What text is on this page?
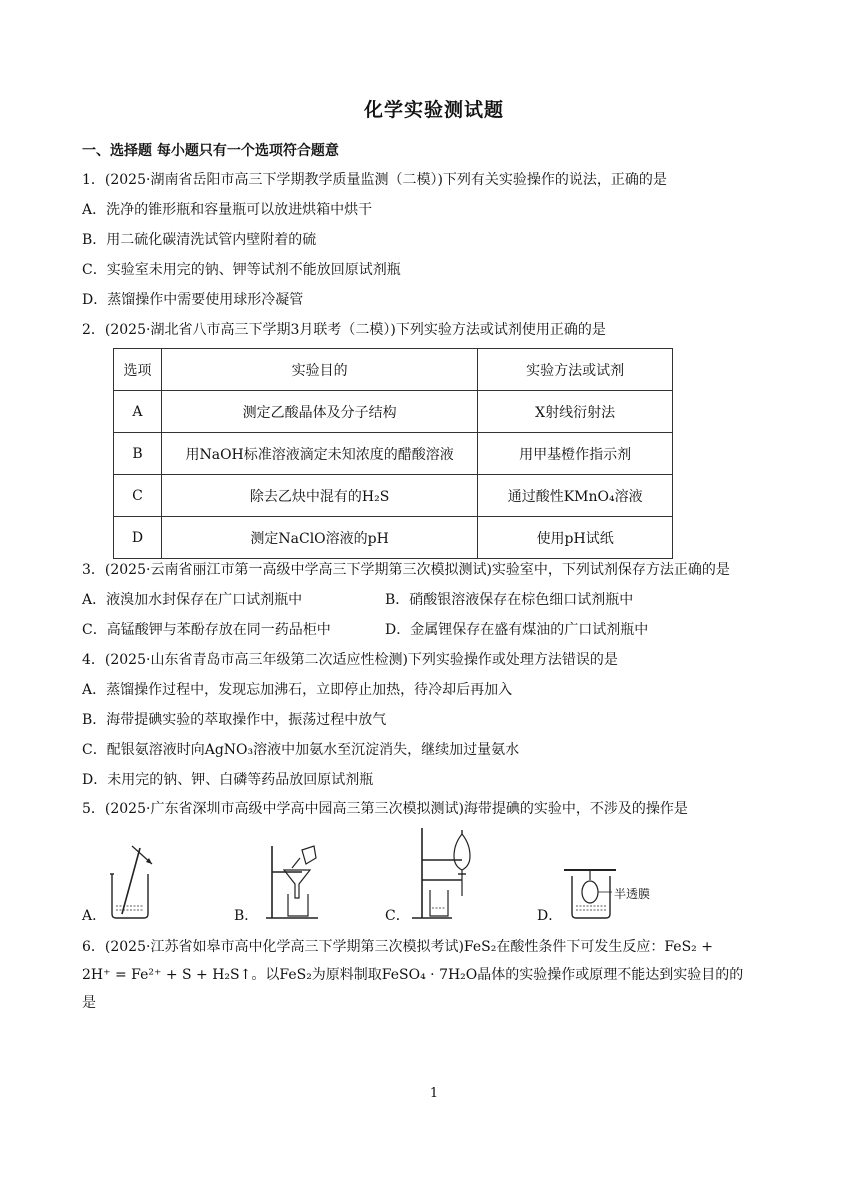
化学实验测试题
一、选择题 每小题只有一个选项符合题意
1．(2025·湖南省岳阳市高三下学期教学质量监测（二模）)下列有关实验操作的说法，正确的是
A．洗净的锥形瓶和容量瓶可以放进烘箱中烘干
B．用二硫化碳清洗试管内壁附着的硫
C．实验室未用完的钠、钾等试剂不能放回原试剂瓶
D．蒸馏操作中需要使用球形冷凝管
2．(2025·湖北省八市高三下学期3月联考（二模）)下列实验方法或试剂使用正确的是
选项	实验目的	实验方法或试剂
A	测定乙酸晶体及分子结构	X射线衍射法
B	用NaOH标准溶液滴定未知浓度的醋酸溶液	用甲基橙作指示剂
C	除去乙炔中混有的H₂S	通过酸性KMnO₄溶液
D	测定NaClO溶液的pH	使用pH试纸
3．(2025·云南省丽江市第一高级中学高三下学期第三次模拟测试)实验室中，下列试剂保存方法正确的是
A．液溴加水封保存在广口试剂瓶中	B．硝酸银溶液保存在棕色细口试剂瓶中
C．高锰酸钾与苯酚存放在同一药品柜中	D．金属锂保存在盛有煤油的广口试剂瓶中
4．(2025·山东省青岛市高三年级第二次适应性检测)下列实验操作或处理方法错误的是
A．蒸馏操作过程中，发现忘加沸石，立即停止加热，待冷却后再加入
B．海带提碘实验的萃取操作中，振荡过程中放气
C．配银氨溶液时向AgNO₃溶液中加氨水至沉淀消失，继续加过量氨水
D．未用完的钠、钾、白磷等药品放回原试剂瓶
5．(2025·广东省深圳市高级中学高中园高三第三次模拟测试)海带提碘的实验中，不涉及的操作是
A．	B．	C．	D．
半透膜
6．(2025·江苏省如皋市高中化学高三下学期第三次模拟考试)FeS₂在酸性条件下可发生反应：FeS₂ +
2H⁺ = Fe²⁺ + S + H₂S↑。以FeS₂为原料制取FeSO₄ · 7H₂O晶体的实验操作或原理不能达到实验目的的
是
1
